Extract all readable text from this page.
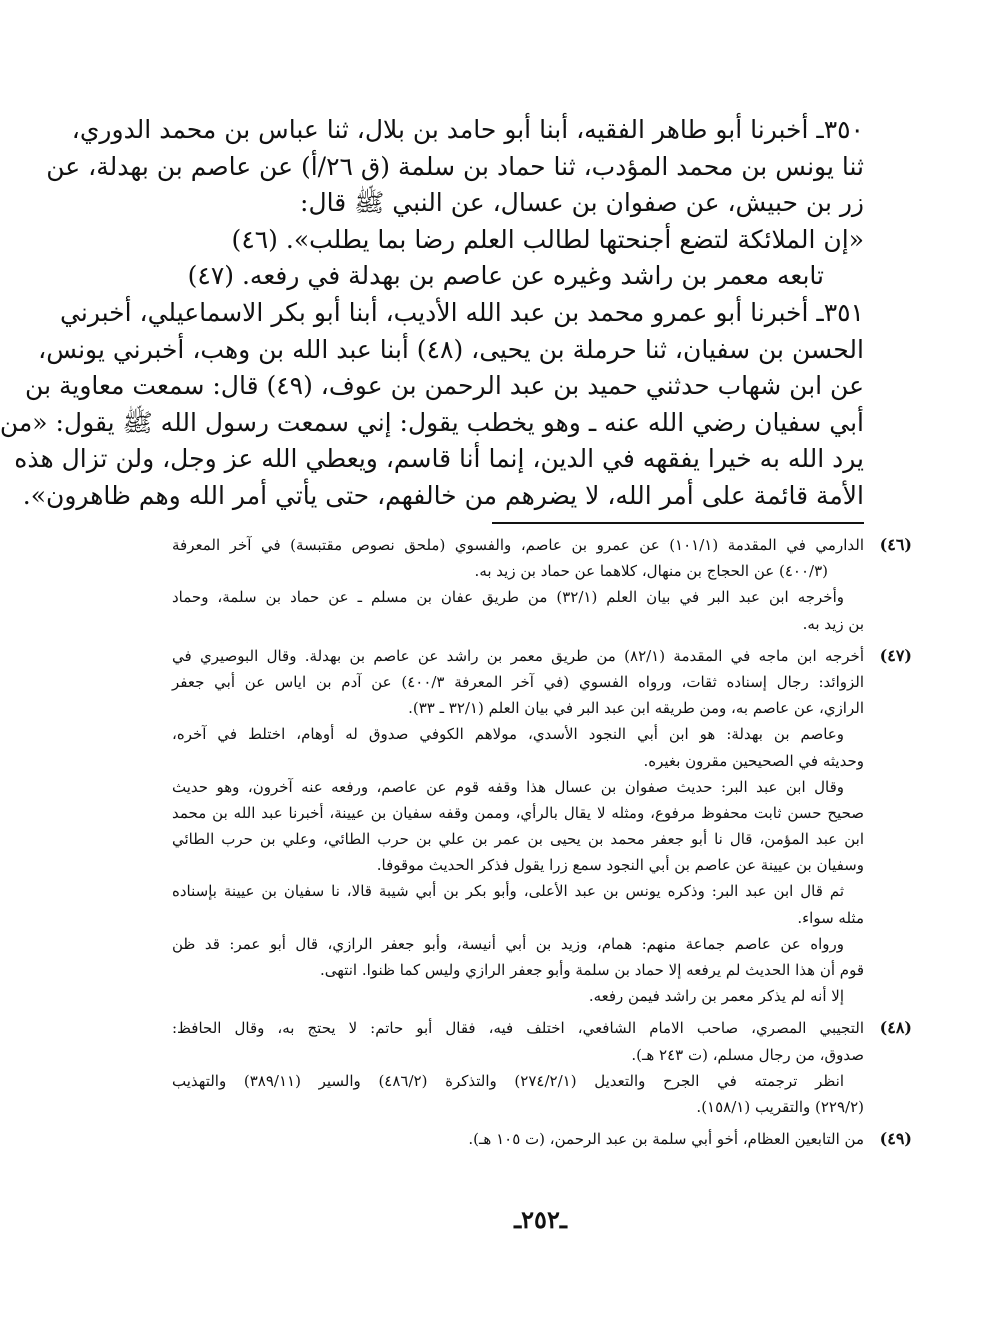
٣٥٠ـ أخبرنا أبو طاهر الفقيه، أبنا أبو حامد بن بلال، ثنا عباس بن محمد الدوري،
ثنا يونس بن محمد المؤدب، ثنا حماد بن سلمة (ق ٢٦/أ) عن عاصم بن بهدلة، عن
زر بن حبيش، عن صفوان بن عسال، عن النبي ﷺ قال:
«إن الملائكة لتضع أجنحتها لطالب العلم رضا بما يطلب». (٤٦)
تابعه معمر بن راشد وغيره عن عاصم بن بهدلة في رفعه. (٤٧)
٣٥١ـ أخبرنا أبو عمرو محمد بن عبد الله الأديب، أبنا أبو بكر الاسماعيلي، أخبرني
الحسن بن سفيان، ثنا حرملة بن يحيى، (٤٨) أبنا عبد الله بن وهب، أخبرني يونس،
عن ابن شهاب حدثني حميد بن عبد الرحمن بن عوف، (٤٩) قال: سمعت معاوية بن
أبي سفيان رضي الله عنه ـ وهو يخطب يقول: إني سمعت رسول الله ﷺ يقول: «من
يرد الله به خيرا يفقهه في الدين، إنما أنا قاسم، ويعطي الله عز وجل، ولن تزال هذه
الأمة قائمة على أمر الله، لا يضرهم من خالفهم، حتى يأتي أمر الله وهم ظاهرون».
(٤٦)
الدارمي في المقدمة (١٠١/١) عن عمرو بن عاصم، والفسوي (ملحق نصوص مقتبسة) في آخر المعرفة
(٤٠٠/٣) عن الحجاج بن منهال، كلاهما عن حماد بن زيد به.
وأخرجه ابن عبد البر في بيان العلم (٣٢/١) من طريق عفان بن مسلم ـ عن حماد بن سلمة، وحماد
بن زيد به.
(٤٧)
أخرجه ابن ماجه في المقدمة (٨٢/١) من طريق معمر بن راشد عن عاصم بن بهدلة. وقال البوصيري في
الزوائد: رجال إسناده ثقات، ورواه الفسوي (في آخر المعرفة ٤٠٠/٣) عن آدم بن اياس عن أبي جعفر
الرازي، عن عاصم به، ومن طريقه ابن عبد البر في بيان العلم (٣٢/١ ـ ٣٣).
وعاصم بن بهدلة: هو ابن أبي النجود الأسدي، مولاهم الكوفي صدوق له أوهام، اختلط في آخره،
وحديثه في الصحيحين مقرون بغيره.
وقال ابن عبد البر: حديث صفوان بن عسال هذا وقفه قوم عن عاصم، ورفعه عنه آخرون، وهو حديث
صحيح حسن ثابت محفوظ مرفوع، ومثله لا يقال بالرأي، وممن وقفه سفيان بن عيينة، أخبرنا عبد الله بن محمد
ابن عبد المؤمن، قال نا أبو جعفر محمد بن يحيى بن عمر بن علي بن حرب الطائي، وعلي بن حرب الطائي
وسفيان بن عيينة عن عاصم بن أبي النجود سمع زرا يقول فذكر الحديث موقوفا.
ثم قال ابن عبد البر: وذكره يونس بن عبد الأعلى، وأبو بكر بن أبي شيبة قالا، نا سفيان بن عيينة بإسناده
مثله سواء.
ورواه عن عاصم جماعة منهم: همام، وزيد بن أبي أنيسة، وأبو جعفر الرازي، قال أبو عمر: قد ظن
قوم أن هذا الحديث لم يرفعه إلا حماد بن سلمة وأبو جعفر الرازي وليس كما ظنوا. انتهى.
إلا أنه لم يذكر معمر بن راشد فيمن رفعه.
(٤٨)
التجيبي المصري، صاحب الامام الشافعي، اختلف فيه، فقال أبو حاتم: لا يحتج به، وقال الحافظ:
صدوق، من رجال مسلم، (ت ٢٤٣ هـ).
انظر ترجمته في الجرح والتعديل (٢٧٤/٢/١) والتذكرة (٤٨٦/٢) والسير (٣٨٩/١١) والتهذيب
(٢٢٩/٢) والتقريب (١٥٨/١).
(٤٩)
من التابعين العظام، أخو أبي سلمة بن عبد الرحمن، (ت ١٠٥ هـ).
ـ٢٥٢ـ
